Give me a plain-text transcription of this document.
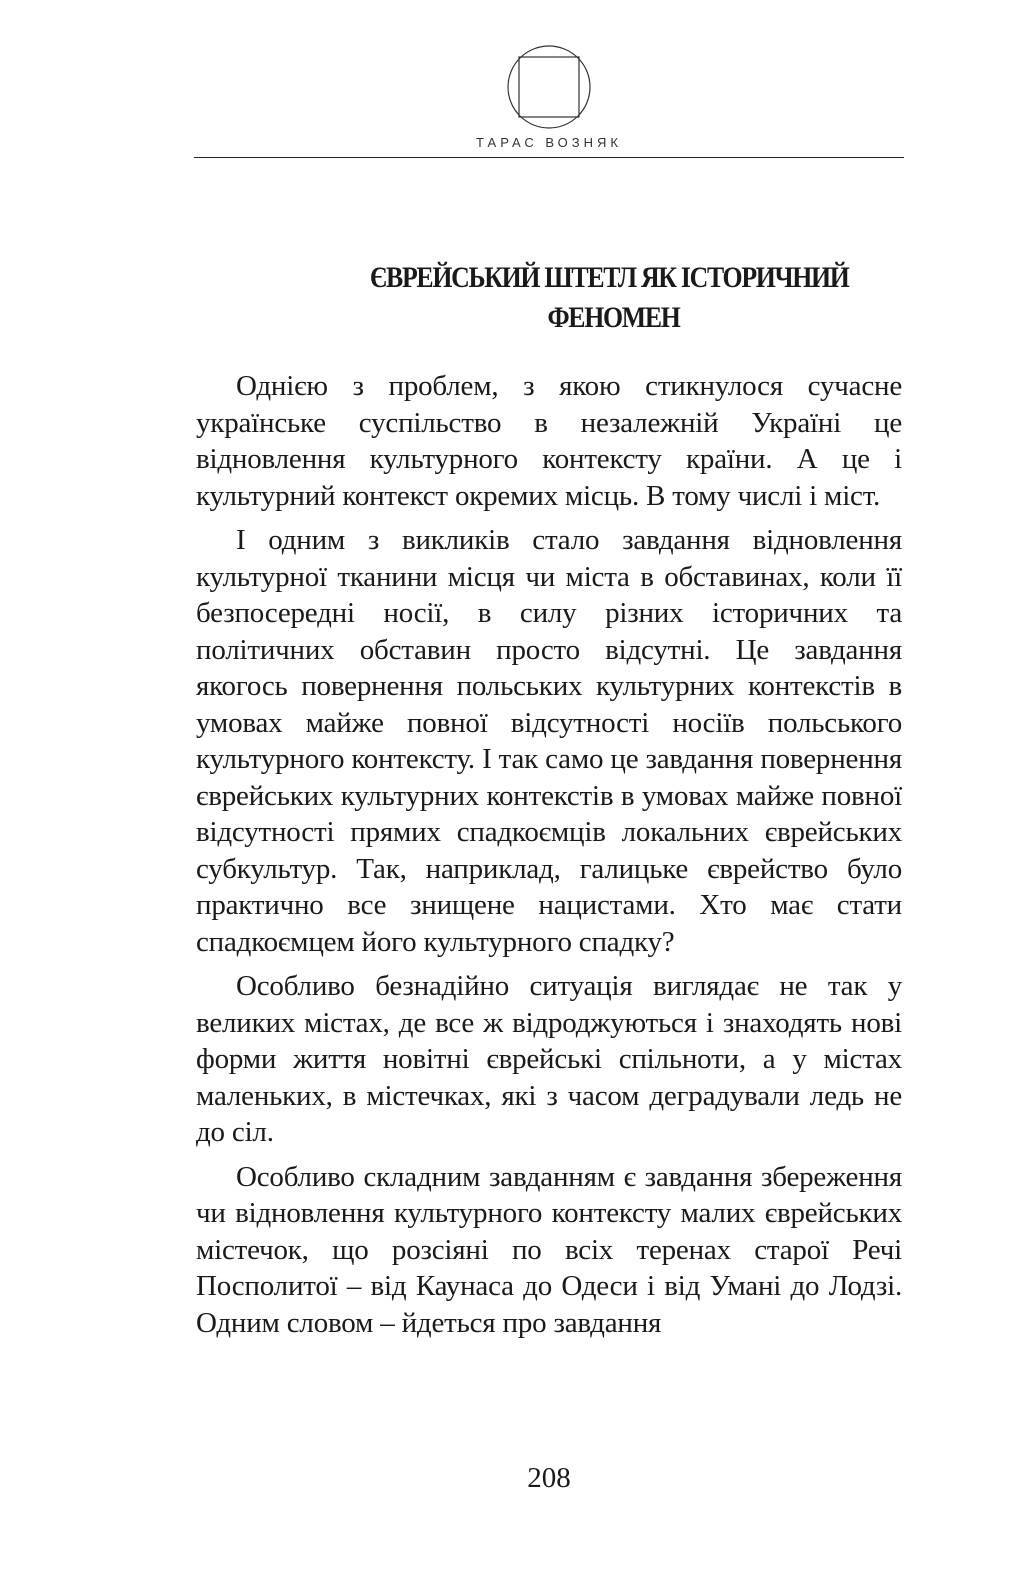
ТАРАС ВОЗНЯК
ЄВРЕЙСЬКИЙ ШТЕТЛ ЯК ІСТОРИЧНИЙ
ФЕНОМЕН

Однією з проблем, з якою стикнулося сучасне українське суспільство в незалежній Україні це відновлення культурного контексту країни. А це і культурний контекст окремих місць. В тому числі і міст.

І одним з викликів стало завдання відновлення культурної тканини місця чи міста в обставинах, коли її безпосередні носії, в силу різних історичних та політичних обставин просто відсутні. Це завдання якогось повернення польських культурних контекстів в умовах майже повної відсутності носіїв польського культурного контексту. І так само це завдання повернення єврейських культурних контекстів в умовах майже повної відсутності прямих спадкоємців локальних єврейських субкультур. Так, наприклад, галицьке єврейство було практично все знищене нацистами. Хто має стати спадкоємцем його культурного спадку?

Особливо безнадійно ситуація виглядає не так у великих містах, де все ж відроджуються і знаходять нові форми життя новітні єврейські спільноти, а у містах маленьких, в містечках, які з часом деградували ледь не до сіл.

Особливо складним завданням є завдання збереження чи відновлення культурного контексту малих єврейських містечок, що розсіяні по всіх теренах старої Речі Посполитої – від Каунаса до Одеси і від Умані до Лодзі. Одним словом – йдеться про завдання

208
